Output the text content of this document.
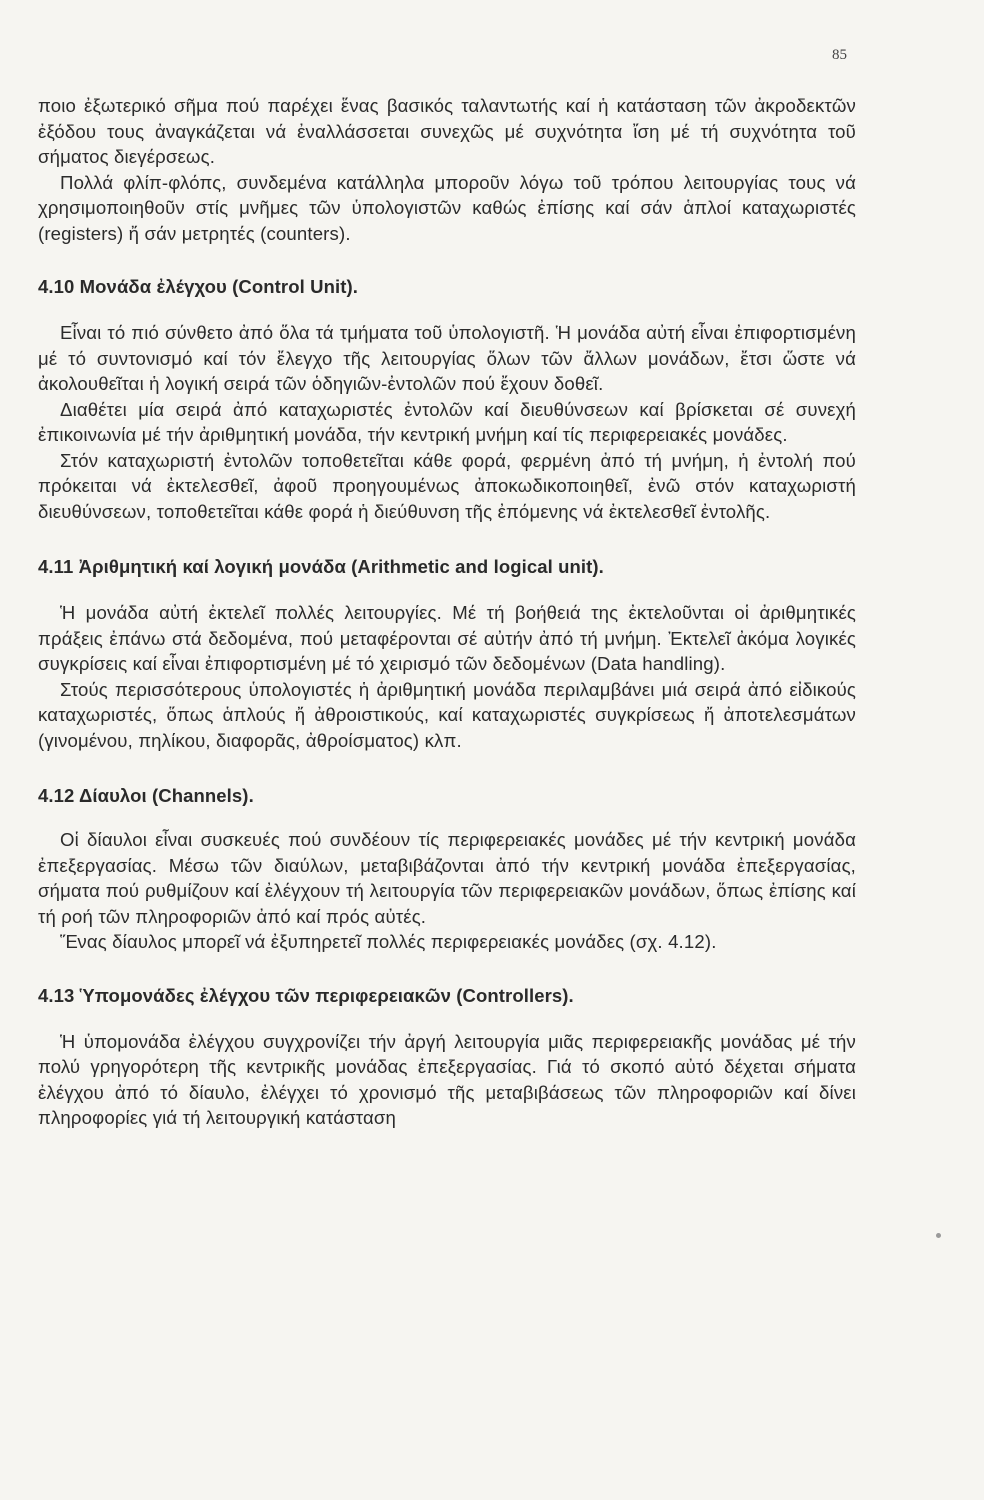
85

ποιο ἐξωτερικό σῆμα πού παρέχει ἕνας βασικός ταλαντωτής καί ἡ κατάσταση τῶν ἀκροδεκτῶν ἐξόδου τους ἀναγκάζεται νά ἐναλλάσσεται συνεχῶς μέ συχνότητα ἴση μέ τή συχνότητα τοῦ σήματος διεγέρσεως.

Πολλά φλίπ-φλόπς, συνδεμένα κατάλληλα μποροῦν λόγω τοῦ τρόπου λειτουργίας τους νά χρησιμοποιηθοῦν στίς μνῆμες τῶν ὑπολογιστῶν καθώς ἐπίσης καί σάν ἁπλοί καταχωριστές (registers) ἤ σάν μετρητές (counters).

4.10 Μονάδα ἐλέγχου (Control Unit).

Εἶναι τό πιό σύνθετο ἀπό ὅλα τά τμήματα τοῦ ὑπολογιστῆ. Ἡ μονάδα αὐτή εἶναι ἐπιφορτισμένη μέ τό συντονισμό καί τόν ἔλεγχο τῆς λειτουργίας ὅλων τῶν ἄλλων μονάδων, ἔτσι ὥστε νά ἀκολουθεῖται ἡ λογική σειρά τῶν ὁδηγιῶν-ἐντολῶν πού ἔχουν δοθεῖ.

Διαθέτει μία σειρά ἀπό καταχωριστές ἐντολῶν καί διευθύνσεων καί βρίσκεται σέ συνεχή ἐπικοινωνία μέ τήν ἀριθμητική μονάδα, τήν κεντρική μνήμη καί τίς περιφερειακές μονάδες.

Στόν καταχωριστή ἐντολῶν τοποθετεῖται κάθε φορά, φερμένη ἀπό τή μνήμη, ἡ ἐντολή πού πρόκειται νά ἐκτελεσθεῖ, ἀφοῦ προηγουμένως ἀποκωδικοποιηθεῖ, ἐνῶ στόν καταχωριστή διευθύνσεων, τοποθετεῖται κάθε φορά ἡ διεύθυνση τῆς ἐπόμενης νά ἐκτελεσθεῖ ἐντολῆς.

4.11 Ἀριθμητική καί λογική μονάδα (Arithmetic and logical unit).

Ἡ μονάδα αὐτή ἐκτελεῖ πολλές λειτουργίες. Μέ τή βοήθειά της ἐκτελοῦνται οἱ ἀριθμητικές πράξεις ἐπάνω στά δεδομένα, πού μεταφέρονται σέ αὐτήν ἀπό τή μνήμη. Ἐκτελεῖ ἀκόμα λογικές συγκρίσεις καί εἶναι ἐπιφορτισμένη μέ τό χειρισμό τῶν δεδομένων (Data handling).

Στούς περισσότερους ὑπολογιστές ἡ ἀριθμητική μονάδα περιλαμβάνει μιά σειρά ἀπό εἰδικούς καταχωριστές, ὅπως ἁπλούς ἤ ἀθροιστικούς, καί καταχωριστές συγκρίσεως ἤ ἀποτελεσμάτων (γινομένου, πηλίκου, διαφορᾶς, ἀθροίσματος) κλπ.

4.12 Δίαυλοι (Channels).

Οἱ δίαυλοι εἶναι συσκευές πού συνδέουν τίς περιφερειακές μονάδες μέ τήν κεντρική μονάδα ἐπεξεργασίας. Μέσω τῶν διαύλων, μεταβιβάζονται ἀπό τήν κεντρική μονάδα ἐπεξεργασίας, σήματα πού ρυθμίζουν καί ἐλέγχουν τή λειτουργία τῶν περιφερειακῶν μονάδων, ὅπως ἐπίσης καί τή ροή τῶν πληροφοριῶν ἀπό καί πρός αὐτές.

Ἕνας δίαυλος μπορεῖ νά ἐξυπηρετεῖ πολλές περιφερειακές μονάδες (σχ. 4.12).

4.13 Ὑπομονάδες ἐλέγχου τῶν περιφερειακῶν (Controllers).

Ἡ ὑπομονάδα ἐλέγχου συγχρονίζει τήν ἀργή λειτουργία μιᾶς περιφερειακῆς μονάδας μέ τήν πολύ γρηγορότερη τῆς κεντρικῆς μονάδας ἐπεξεργασίας. Γιά τό σκοπό αὐτό δέχεται σήματα ἐλέγχου ἀπό τό δίαυλο, ἐλέγχει τό χρονισμό τῆς μεταβιβάσεως τῶν πληροφοριῶν καί δίνει πληροφορίες γιά τή λειτουργική κατάσταση
